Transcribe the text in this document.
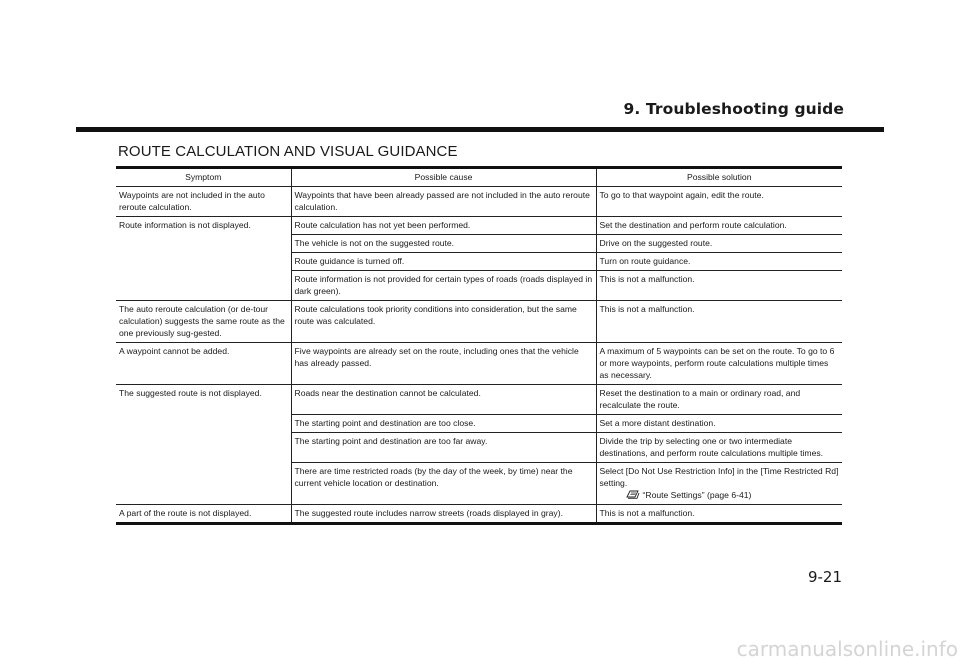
9. Troubleshooting guide
ROUTE CALCULATION AND VISUAL GUIDANCE
Symptom	Possible cause	Possible solution
Waypoints are not included in the auto reroute calculation.	Waypoints that have been already passed are not included in the auto reroute calculation.	To go to that waypoint again, edit the route.
Route information is not displayed.	Route calculation has not yet been performed.	Set the destination and perform route calculation.
	The vehicle is not on the suggested route.	Drive on the suggested route.
	Route guidance is turned off.	Turn on route guidance.
	Route information is not provided for certain types of roads (roads displayed in dark green).	This is not a malfunction.
The auto reroute calculation (or de-tour calculation) suggests the same route as the one previously sug-gested.	Route calculations took priority conditions into consideration, but the same route was calculated.	This is not a malfunction.
A waypoint cannot be added.	Five waypoints are already set on the route, including ones that the vehicle has already passed.	A maximum of 5 waypoints can be set on the route. To go to 6 or more waypoints, perform route calculations multiple times as necessary.
The suggested route is not displayed.	Roads near the destination cannot be calculated.	Reset the destination to a main or ordinary road, and recalculate the route.
	The starting point and destination are too close.	Set a more distant destination.
	The starting point and destination are too far away.	Divide the trip by selecting one or two intermediate destinations, and perform route calculations multiple times.
	There are time restricted roads (by the day of the week, by time) near the current vehicle location or destination.	Select [Do Not Use Restriction Info] in the [Time Restricted Rd] setting.
“Route Settings” (page 6-41)

A part of the route is not displayed.	The suggested route includes narrow streets (roads displayed in gray).	This is not a malfunction.
9-21
carmanualsonline.info
